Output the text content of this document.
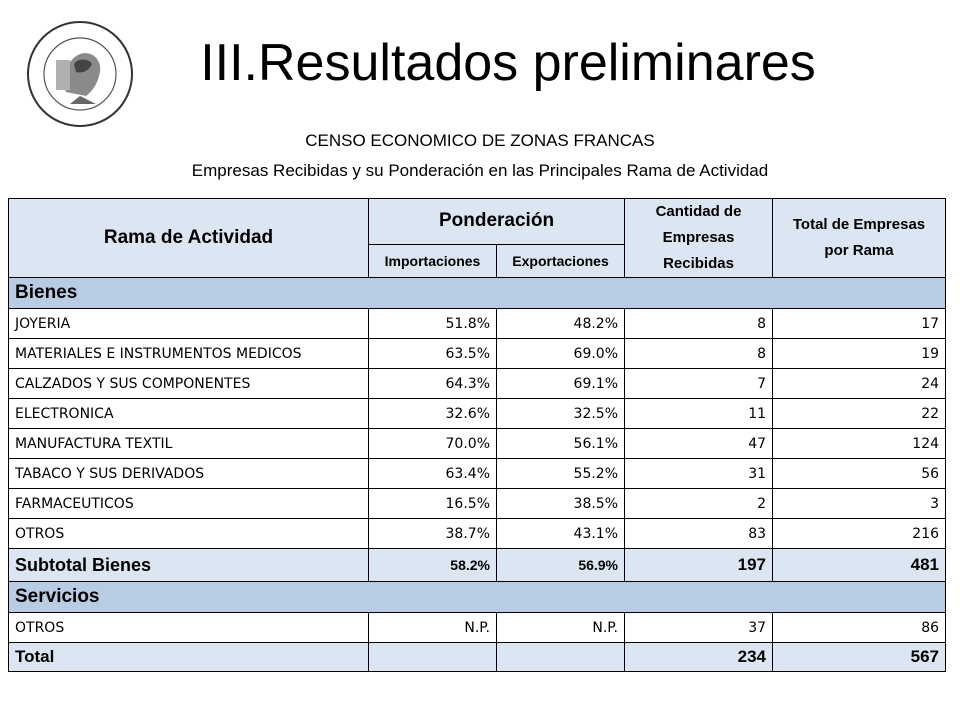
III.Resultados preliminares
CENSO ECONOMICO DE ZONAS FRANCAS
Empresas Recibidas y su Ponderación en las Principales Rama de Actividad
Rama de Actividad	Ponderación		Cantidad de Empresas Recibidas	Total de Empresas por Rama
	Importaciones	Exportaciones		
Bienes				
JOYERIA	51.8%	48.2%	8	17
MATERIALES E INSTRUMENTOS MEDICOS	63.5%	69.0%	8	19
CALZADOS Y SUS COMPONENTES	64.3%	69.1%	7	24
ELECTRONICA	32.6%	32.5%	11	22
MANUFACTURA TEXTIL	70.0%	56.1%	47	124
TABACO Y SUS DERIVADOS	63.4%	55.2%	31	56
FARMACEUTICOS	16.5%	38.5%	2	3
OTROS	38.7%	43.1%	83	216
Subtotal Bienes	58.2%	56.9%	197	481
Servicios				
OTROS	N.P.	N.P.	37	86
Total			234	567
